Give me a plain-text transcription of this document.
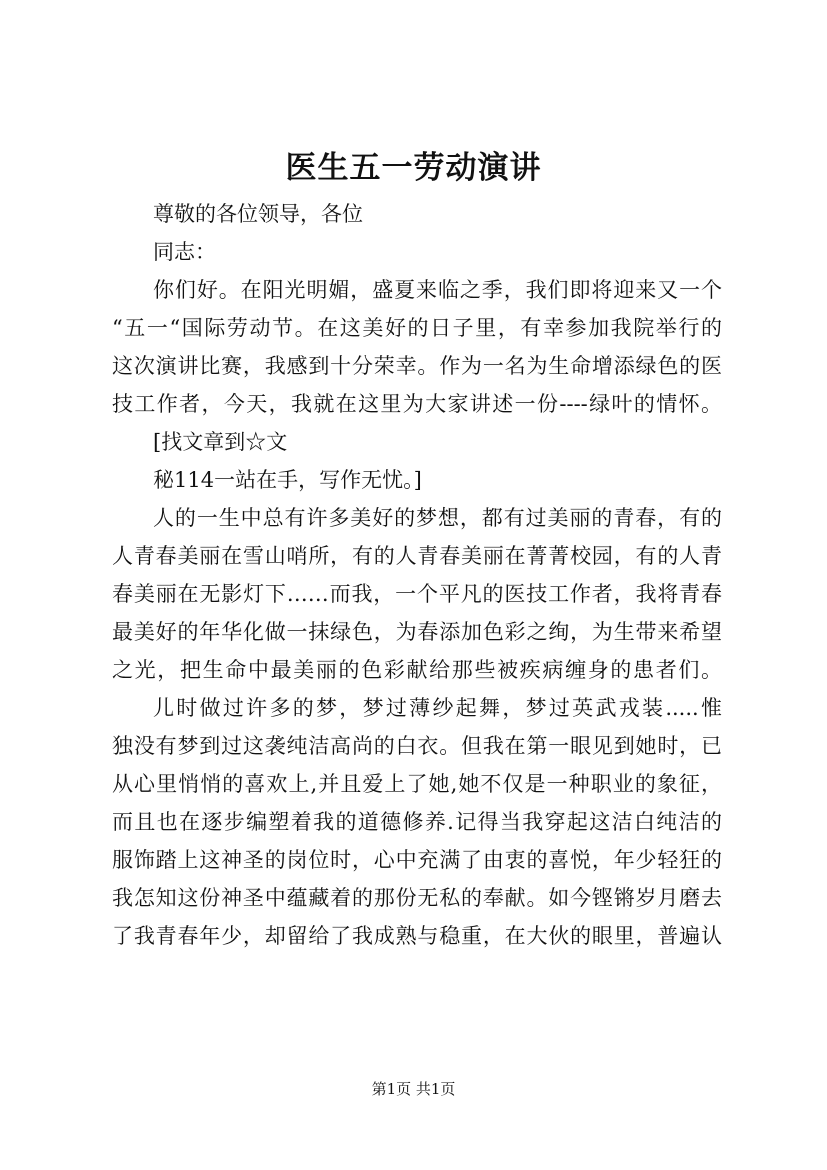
医生五一劳动演讲
尊敬的各位领导，各位
同志：
你们好。在阳光明媚，盛夏来临之季，我们即将迎来又一个
“五一“国际劳动节。在这美好的日子里，有幸参加我院举行的
这次演讲比赛，我感到十分荣幸。作为一名为生命增添绿色的医
技工作者，今天，我就在这里为大家讲述一份----绿叶的情怀。
[找文章到☆文
秘114一站在手，写作无忧。]
人的一生中总有许多美好的梦想，都有过美丽的青春，有的
人青春美丽在雪山哨所，有的人青春美丽在菁菁校园，有的人青
春美丽在无影灯下……而我，一个平凡的医技工作者，我将青春
最美好的年华化做一抹绿色，为春添加色彩之绚，为生带来希望
之光，把生命中最美丽的色彩献给那些被疾病缠身的患者们。
儿时做过许多的梦，梦过薄纱起舞，梦过英武戎装.....惟
独没有梦到过这袭纯洁高尚的白衣。但我在第一眼见到她时，已
从心里悄悄的喜欢上,并且爱上了她,她不仅是一种职业的象征，
而且也在逐步编塑着我的道德修养.记得当我穿起这洁白纯洁的
服饰踏上这神圣的岗位时，心中充满了由衷的喜悦，年少轻狂的
我怎知这份神圣中蕴藏着的那份无私的奉献。如今铿锵岁月磨去
了我青春年少，却留给了我成熟与稳重，在大伙的眼里，普遍认
第1页 共1页
